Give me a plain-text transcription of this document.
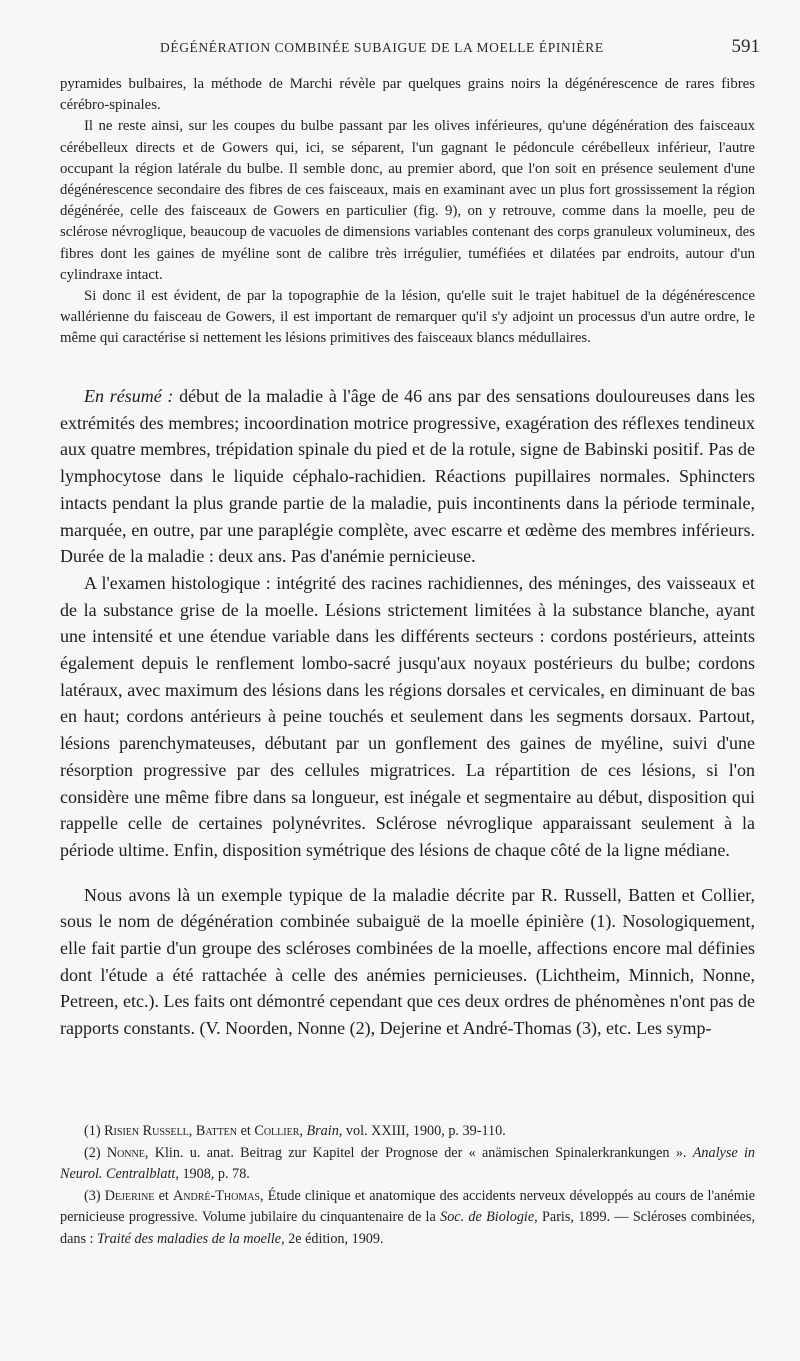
DÉGÉNÉRATION COMBINÉE SUBAIGUE DE LA MOELLE ÉPINIÈRE	591

pyramides bulbaires, la méthode de Marchi révèle par quelques grains noirs la dégénérescence de rares fibres cérébro-spinales.

Il ne reste ainsi, sur les coupes du bulbe passant par les olives inférieures, qu'une dégénération des faisceaux cérébelleux directs et de Gowers qui, ici, se séparent, l'un gagnant le pédoncule cérébelleux inférieur, l'autre occupant la région latérale du bulbe. Il semble donc, au premier abord, que l'on soit en présence seulement d'une dégénérescence secondaire des fibres de ces faisceaux, mais en examinant avec un plus fort grossissement la région dégénérée, celle des faisceaux de Gowers en particulier (fig. 9), on y retrouve, comme dans la moelle, peu de sclérose névroglique, beaucoup de vacuoles de dimensions variables contenant des corps granuleux volumineux, des fibres dont les gaines de myéline sont de calibre très irrégulier, tuméfiées et dilatées par endroits, autour d'un cylindraxe intact.

Si donc il est évident, de par la topographie de la lésion, qu'elle suit le trajet habituel de la dégénérescence wallérienne du faisceau de Gowers, il est important de remarquer qu'il s'y adjoint un processus d'un autre ordre, le même qui caractérise si nettement les lésions primitives des faisceaux blancs médullaires.

En résumé : début de la maladie à l'âge de 46 ans par des sensations douloureuses dans les extrémités des membres; incoordination motrice progressive, exagération des réflexes tendineux aux quatre membres, trépidation spinale du pied et de la rotule, signe de Babinski positif. Pas de lymphocytose dans le liquide céphalo-rachidien. Réactions pupillaires normales. Sphincters intacts pendant la plus grande partie de la maladie, puis incontinents dans la période terminale, marquée, en outre, par une paraplégie complète, avec escarre et œdème des membres inférieurs. Durée de la maladie : deux ans. Pas d'anémie pernicieuse.

A l'examen histologique : intégrité des racines rachidiennes, des méninges, des vaisseaux et de la substance grise de la moelle. Lésions strictement limitées à la substance blanche, ayant une intensité et une étendue variable dans les différents secteurs : cordons postérieurs, atteints également depuis le renflement lombo-sacré jusqu'aux noyaux postérieurs du bulbe; cordons latéraux, avec maximum des lésions dans les régions dorsales et cervicales, en diminuant de bas en haut; cordons antérieurs à peine touchés et seulement dans les segments dorsaux. Partout, lésions parenchymateuses, débutant par un gonflement des gaines de myéline, suivi d'une résorption progressive par des cellules migratrices. La répartition de ces lésions, si l'on considère une même fibre dans sa longueur, est inégale et segmentaire au début, disposition qui rappelle celle de certaines polynévrites. Sclérose névroglique apparaissant seulement à la période ultime. Enfin, disposition symétrique des lésions de chaque côté de la ligne médiane.

Nous avons là un exemple typique de la maladie décrite par R. Russell, Batten et Collier, sous le nom de dégénération combinée subaiguë de la moelle épinière (1). Nosologiquement, elle fait partie d'un groupe des scléroses combinées de la moelle, affections encore mal définies dont l'étude a été rattachée à celle des anémies pernicieuses. (Lichtheim, Minnich, Nonne, Petreen, etc.). Les faits ont démontré cependant que ces deux ordres de phénomènes n'ont pas de rapports constants. (V. Noorden, Nonne (2), Dejerine et André-Thomas (3), etc. Les symp-

(1) Risien Russell, Batten et Collier, Brain, vol. XXIII, 1900, p. 39-110.

(2) Nonne, Klin. u. anat. Beitrag zur Kapitel der Prognose der « anämischen Spinalerkrankungen ». Analyse in Neurol. Centralblatt, 1908, p. 78.

(3) Dejerine et André-Thomas, Étude clinique et anatomique des accidents nerveux développés au cours de l'anémie pernicieuse progressive. Volume jubilaire du cinquantenaire de la Soc. de Biologie, Paris, 1899. — Scléroses combinées, dans : Traité des maladies de la moelle, 2e édition, 1909.
